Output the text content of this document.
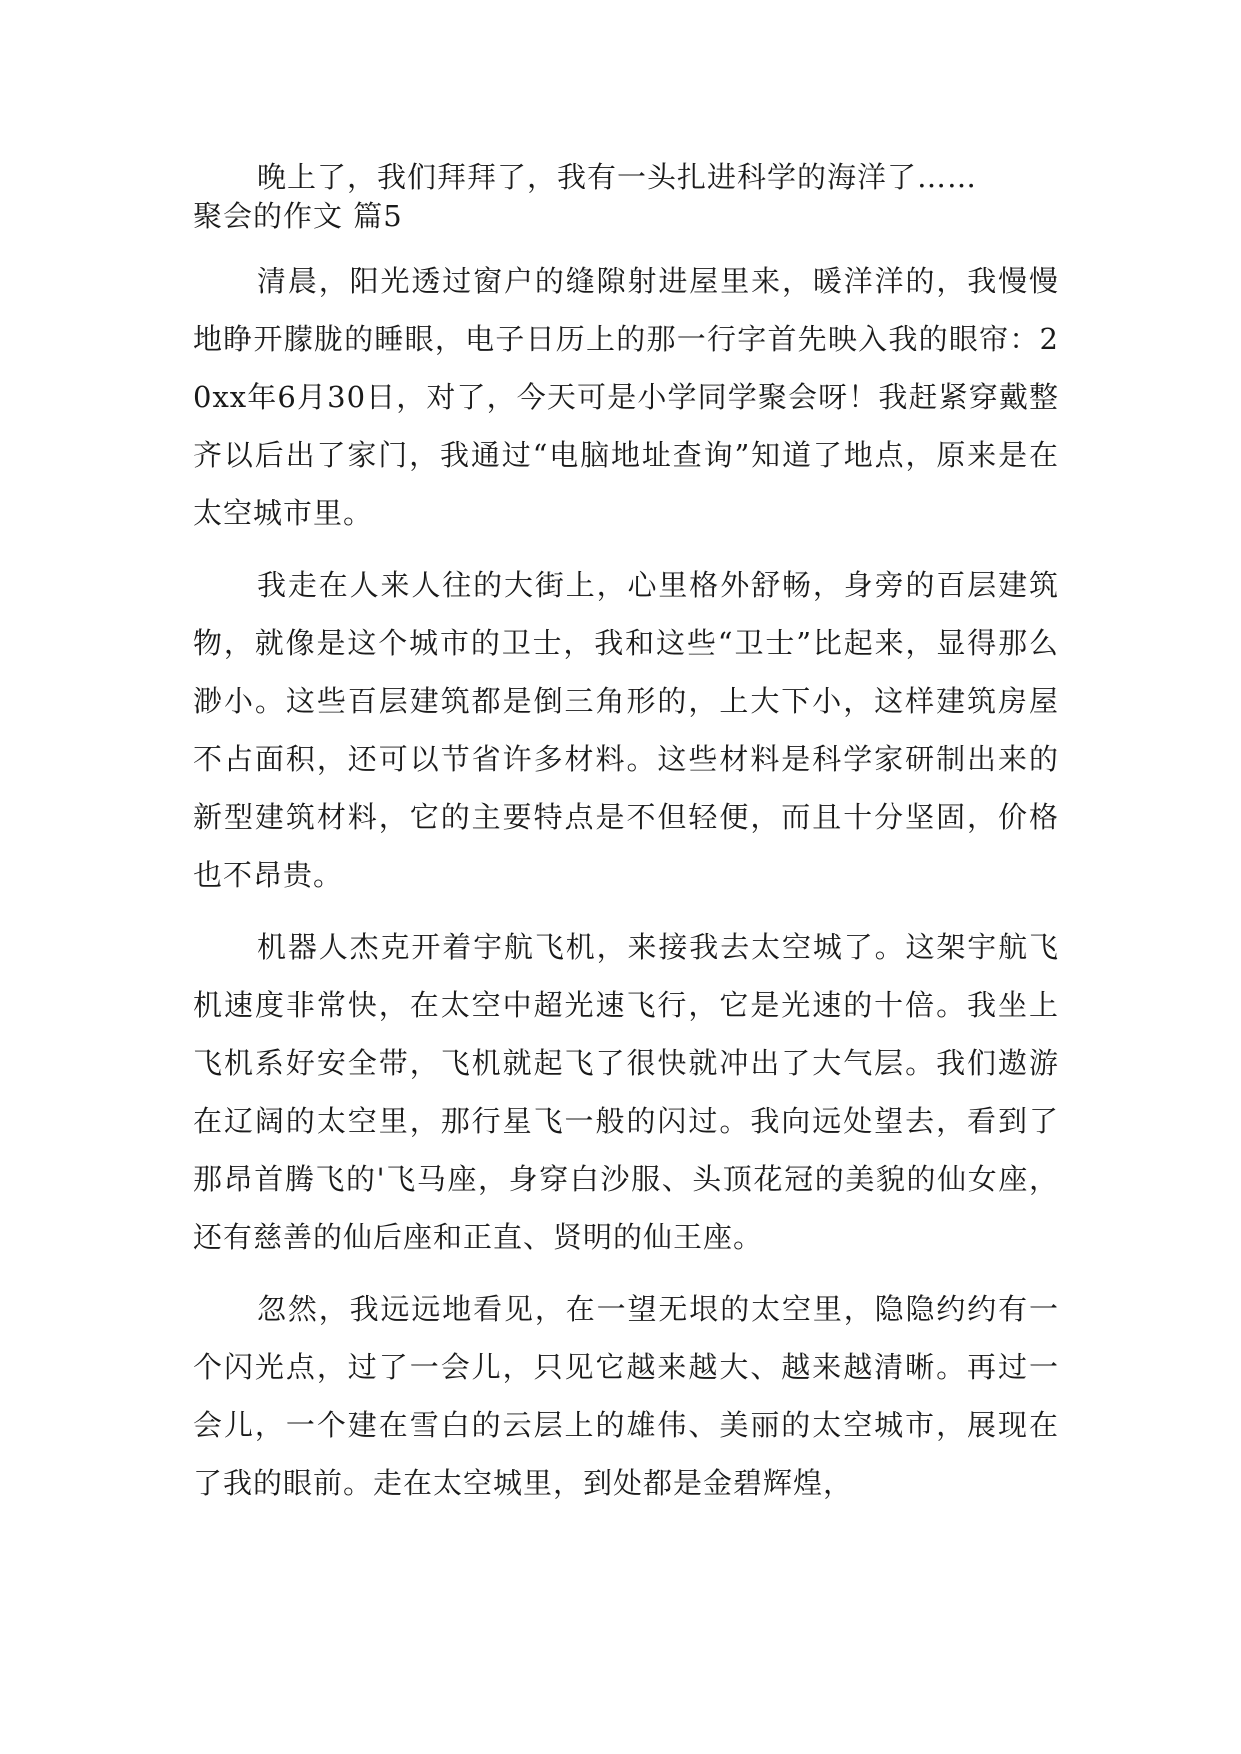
晚上了，我们拜拜了，我有一头扎进科学的海洋了……

聚会的作文 篇5

清晨，阳光透过窗户的缝隙射进屋里来，暖洋洋的，我慢慢地睁开朦胧的睡眼，电子日历上的那一行字首先映入我的眼帘：20xx年6月30日，对了，今天可是小学同学聚会呀！我赶紧穿戴整齐以后出了家门，我通过“电脑地址查询”知道了地点，原来是在太空城市里。

我走在人来人往的大街上，心里格外舒畅，身旁的百层建筑物，就像是这个城市的卫士，我和这些“卫士”比起来，显得那么渺小。这些百层建筑都是倒三角形的，上大下小，这样建筑房屋不占面积，还可以节省许多材料。这些材料是科学家研制出来的新型建筑材料，它的主要特点是不但轻便，而且十分坚固，价格也不昂贵。

机器人杰克开着宇航飞机，来接我去太空城了。这架宇航飞机速度非常快，在太空中超光速飞行，它是光速的十倍。我坐上飞机系好安全带，飞机就起飞了很快就冲出了大气层。我们遨游在辽阔的太空里，那行星飞一般的闪过。我向远处望去，看到了那昂首腾飞的'飞马座，身穿白沙服、头顶花冠的美貌的仙女座，还有慈善的仙后座和正直、贤明的仙王座。

忽然，我远远地看见，在一望无垠的太空里，隐隐约约有一个闪光点，过了一会儿，只见它越来越大、越来越清晰。再过一会儿，一个建在雪白的云层上的雄伟、美丽的太空城市，展现在了我的眼前。走在太空城里，到处都是金碧辉煌，
